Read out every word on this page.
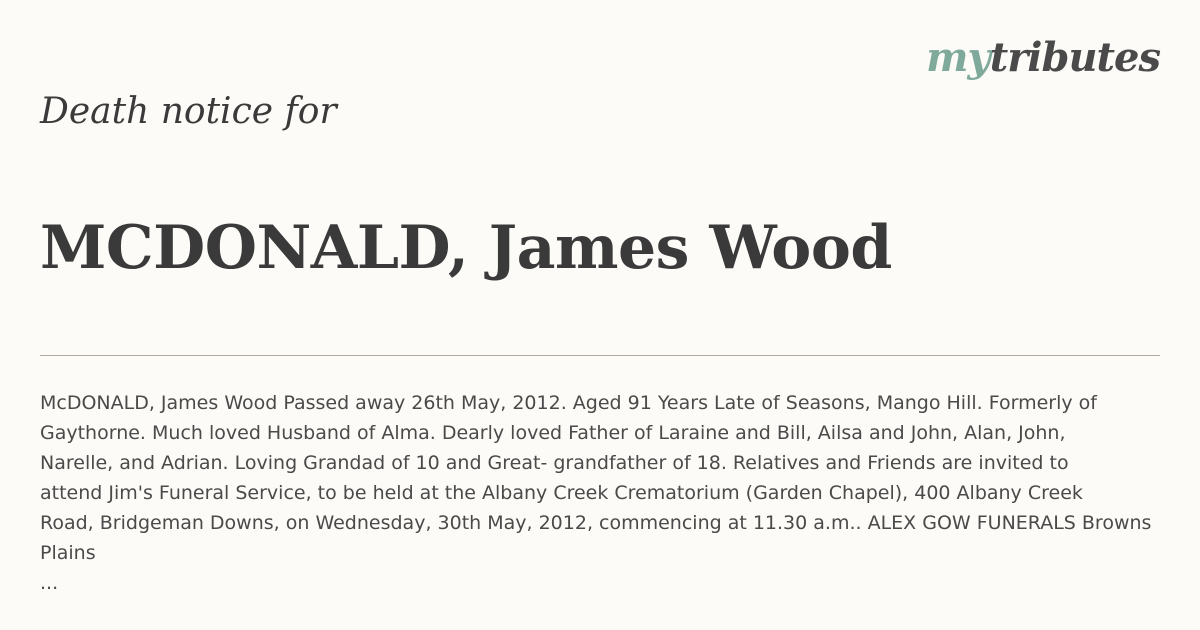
mytributes
Death notice for
MCDONALD, James Wood

McDONALD, James Wood Passed away 26th May, 2012. Aged 91 Years Late of Seasons, Mango Hill. Formerly of
Gaythorne. Much loved Husband of Alma. Dearly loved Father of Laraine and Bill, Ailsa and John, Alan, John,
Narelle, and Adrian. Loving Grandad of 10 and Great- grandfather of 18. Relatives and Friends are invited to
attend Jim's Funeral Service, to be held at the Albany Creek Crematorium (Garden Chapel), 400 Albany Creek
Road, Bridgeman Downs, on Wednesday, 30th May, 2012, commencing at 11.30 a.m.. ALEX GOW FUNERALS Browns Plains
...
